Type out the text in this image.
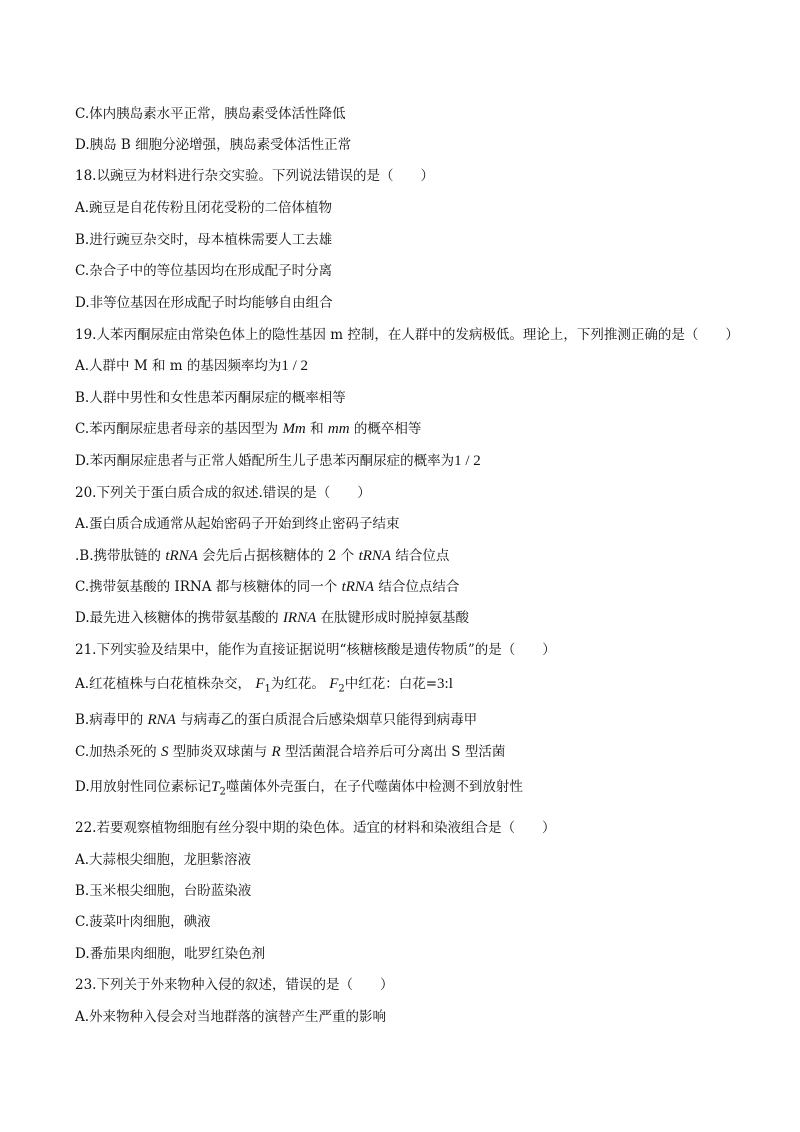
C.体内胰岛素水平正常，胰岛素受体活性降低
D.胰岛 B 细胞分泌增强，胰岛素受体活性正常
18.以豌豆为材料进行杂交实验。下列说法错误的是（　　）
A.豌豆是自花传粉且闭花受粉的二倍体植物
B.进行豌豆杂交时，母本植株需要人工去雄
C.杂合子中的等位基因均在形成配子时分离
D.非等位基因在形成配子时均能够自由组合
19.人苯丙酮尿症由常染色体上的隐性基因 m 控制，在人群中的发病极低。理论上，下列推测正确的是（　　）
A.人群中 M 和 m 的基因频率均为1 / 2
B.人群中男性和女性患苯丙酮尿症的概率相等
C.苯丙酮尿症患者母亲的基因型为 Mm 和 mm 的概卒相等
D.苯丙酮尿症患者与正常人婚配所生儿子患苯丙酮尿症的概率为1 / 2
20.下列关于蛋白质合成的叙述.错误的是（　　）
A.蛋白质合成通常从起始密码子开始到终止密码子结束
.B.携带肽链的 tRNA 会先后占据核糖体的 2 个 tRNA 结合位点
C.携带氨基酸的 IRNA 都与核糖体的同一个 tRNA 结合位点结合
D.最先进入核糖体的携带氨基酸的 IRNA 在肽键形成时脱掉氨基酸
21.下列实验及结果中，能作为直接证据说明“核糖核酸是遗传物质”的是（　　）
A.红花植株与白花植株杂交， $F_1$为红花。 $F_2$中红花：白花=3:l
B.病毒甲的 RNA 与病毒乙的蛋白质混合后感染烟草只能得到病毒甲
C.加热杀死的 S 型肺炎双球菌与 R 型活菌混合培养后可分离出 S 型活菌
D.用放射性同位素标记$T_2$噬菌体外壳蛋白，在子代噬菌体中检测不到放射性
22.若要观察植物细胞有丝分裂中期的染色体。适宜的材料和染液组合是（　　）
A.大蒜根尖细胞，龙胆紫溶液
B.玉米根尖细胞，台盼蓝染液
C.菠菜叶肉细胞，碘液
D.番茄果肉细胞，吡罗红染色剂
23.下列关于外来物种入侵的叙述，错误的是（　　）
A.外来物种入侵会对当地群落的演替产生严重的影响
